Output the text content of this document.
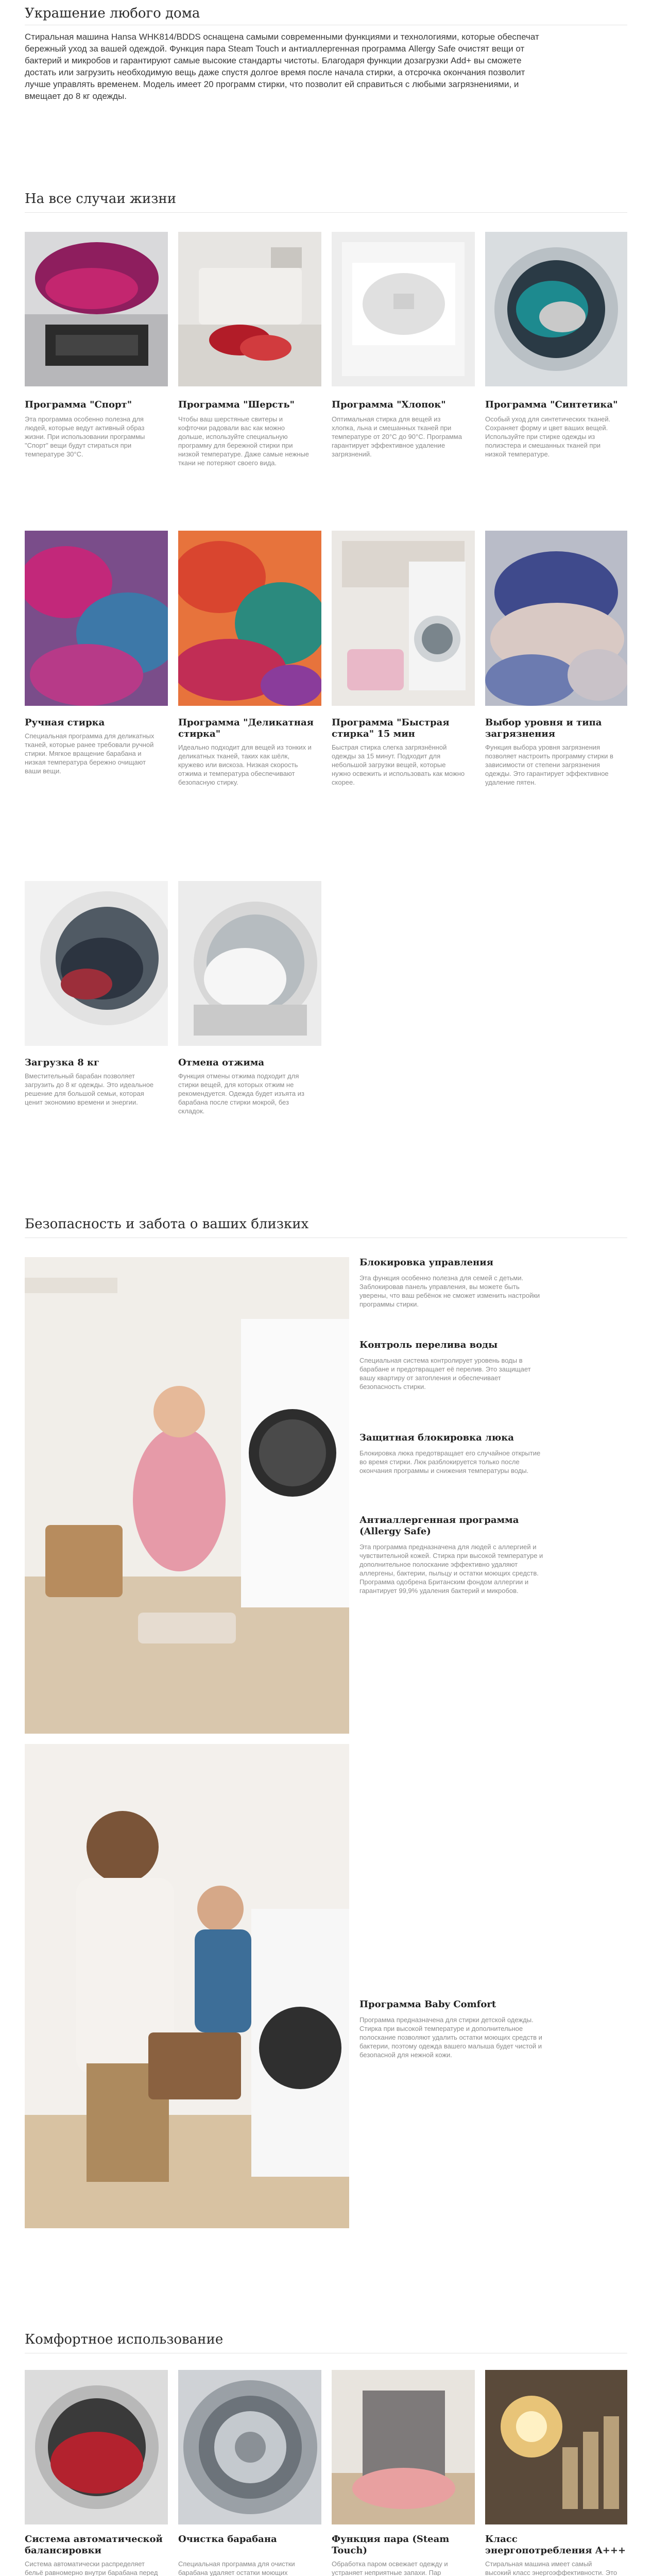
Украшение любого дома

Стиральная машина Hansa WHK814/BDDS оснащена самыми современными функциями и технологиями, которые обеспечат бережный уход за вашей одеждой. Функция пара Steam Touch и антиаллергенная программа Allergy Safe очистят вещи от бактерий и микробов и гарантируют самые высокие стандарты чистоты. Благодаря функции дозагрузки Add+ вы сможете достать или загрузить необходимую вещь даже спустя долгое время после начала стирки, а отсрочка окончания позволит лучше управлять временем. Модель имеет 20 программ стирки, что позволит ей справиться с любыми загрязнениями, и вмещает до 8 кг одежды.

На все случаи жизни
Программа "Спорт"
Эта программа особенно полезна для людей, которые ведут активный образ жизни. При использовании программы "Спорт" вещи будут стираться при температуре 30°С.
Программа "Шерсть"
Чтобы ваш шерстяные свитеры и кофточки радовали вас как можно дольше, используйте специальную программу для бережной стирки при низкой температуре. Даже самые нежные ткани не потеряют своего вида.
Программа "Хлопок"
Оптимальная стирка для вещей из хлопка, льна и смешанных тканей при температуре от 20°С до 90°С. Программа гарантирует эффективное удаление загрязнений.
Программа "Синтетика"
Особый уход для синтетических тканей. Сохраняет форму и цвет ваших вещей. Используйте при стирке одежды из полиэстера и смешанных тканей при низкой температуре.
Ручная стирка
Специальная программа для деликатных тканей, которые ранее требовали ручной стирки. Мягкое вращение барабана и низкая температура бережно очищают ваши вещи.
Программа "Деликатная стирка"
Идеально подходит для вещей из тонких и деликатных тканей, таких как шёлк, кружево или вискоза. Низкая скорость отжима и температура обеспечивают безопасную стирку.
Программа "Быстрая стирка" 15 мин
Быстрая стирка слегка загрязнённой одежды за 15 минут. Подходит для небольшой загрузки вещей, которые нужно освежить и использовать как можно скорее.
Выбор уровня и типа загрязнения
Функция выбора уровня загрязнения позволяет настроить программу стирки в зависимости от степени загрязнения одежды. Это гарантирует эффективное удаление пятен.
Загрузка 8 кг
Вместительный барабан позволяет загрузить до 8 кг одежды. Это идеальное решение для большой семьи, которая ценит экономию времени и энергии.
Отмена отжима
Функция отмены отжима подходит для стирки вещей, для которых отжим не рекомендуется. Одежда будет изъята из барабана после стирки мокрой, без складок.
Безопасность и забота о ваших близких
Блокировка управления
Эта функция особенно полезна для семей с детьми. Заблокировав панель управления, вы можете быть уверены, что ваш ребёнок не сможет изменить настройки программы стирки.
Контроль перелива воды
Специальная система контролирует уровень воды в барабане и предотвращает её перелив. Это защищает вашу квартиру от затопления и обеспечивает безопасность стирки.
Защитная блокировка люка
Блокировка люка предотвращает его случайное открытие во время стирки. Люк разблокируется только после окончания программы и снижения температуры воды.
Антиаллергенная программа (Allergy Safe)
Эта программа предназначена для людей с аллергией и чувствительной кожей. Стирка при высокой температуре и дополнительное полоскание эффективно удаляют аллергены, бактерии, пыльцу и остатки моющих средств. Программа одобрена Британским фондом аллергии и гарантирует 99,9% удаления бактерий и микробов.
Программа Baby Comfort
Программа предназначена для стирки детской одежды. Стирка при высокой температуре и дополнительное полоскание позволяют удалить остатки моющих средств и бактерии, поэтому одежда вашего малыша будет чистой и безопасной для нежной кожи.
Комфортное использование
Система автоматической балансировки
Система автоматически распределяет бельё равномерно внутри барабана перед
Очистка барабана
Специальная программа для очистки барабана удаляет остатки моющих
Функция пара (Steam Touch)
Обработка паром освежает одежду и устраняет неприятные запахи. Пар
Класс энергопотребления A+++
Стиральная машина имеет самый высокий класс энергоэффективности. Это
